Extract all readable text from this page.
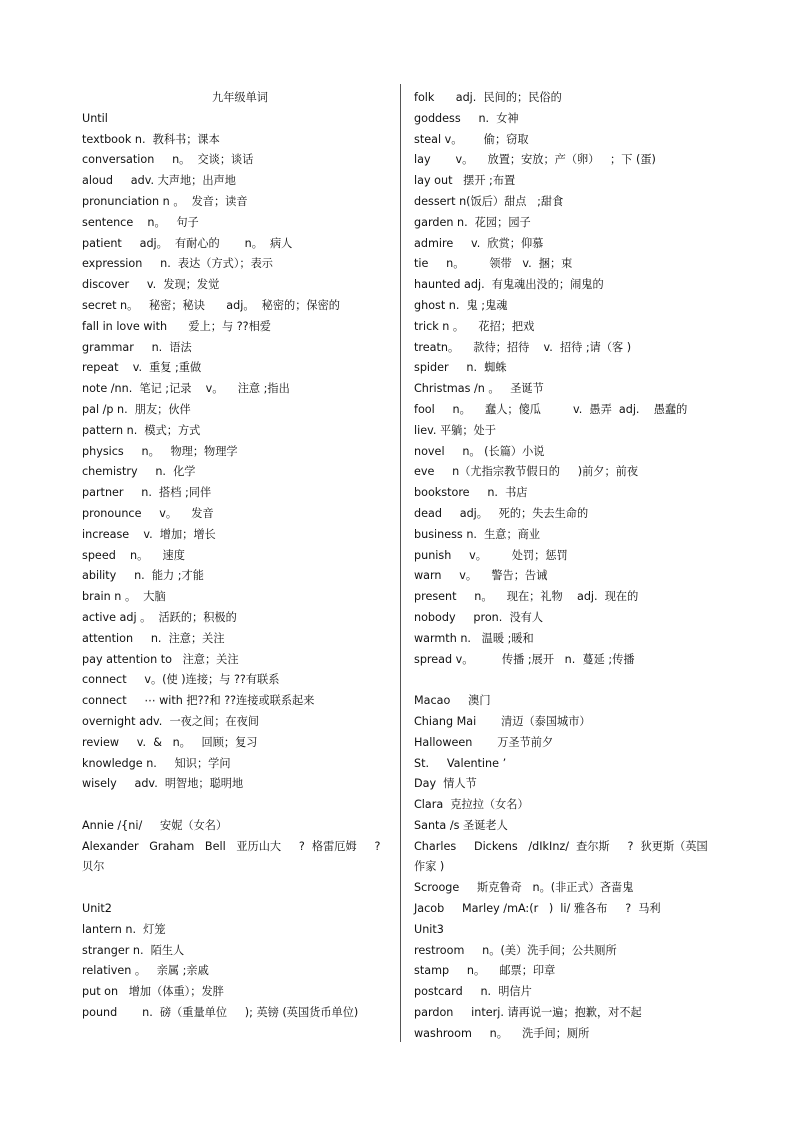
九年级单词
Until
textbook n.  教科书；课本
conversation     n。  交谈；谈话
aloud     adv. 大声地；出声地
pronunciation n 。  发音；读音
sentence    n。   句子
patient     adj。  有耐心的       n。  病人
expression     n.  表达（方式）；表示
discover     v.  发现；发觉
secret n。   秘密；秘诀      adj。  秘密的；保密的
fall in love with      爱上；与 ??相爱
grammar     n.  语法
repeat    v.  重复 ;重做
note /nn.  笔记 ;记录    v。    注意 ;指出
pal /p n.  朋友；伙伴
pattern n.  模式；方式
physics     n。   物理；物理学
chemistry     n.  化学
partner     n.  搭档 ;同伴
pronounce     v。    发音
increase    v.  增加；增长
speed    n。    速度
ability     n.  能力 ;才能
brain n 。  大脑
active adj 。  活跃的；积极的
attention     n.  注意；关注
pay attention to   注意；关注
connect     v。(使 )连接；与 ??有联系
connect     ⋯ with 把??和 ??连接或联系起来
overnight adv.  一夜之间；在夜间
review     v.  &   n。   回顾；复习
knowledge n.     知识；学问
wisely     adv.  明智地；聪明地
Annie /{ni/     安妮（女名）
Alexander   Graham   Bell   亚历山大     ?  格雷厄姆     ?  贝尔
Unit2
lantern n.  灯笼
stranger n.  陌生人
relativen 。   亲属 ;亲戚
put on   增加（体重）；发胖
pound       n.  磅（重量单位     ); 英镑 (英国货币单位)
folk      adj.  民间的；民俗的
goddess     n.  女神
steal v。      偷；窃取
lay       v。    放置；安放；产（卵）   ；下 (蛋)
lay out   摆开 ;布置
dessert n(饭后）甜点   ;甜食
garden n.  花园；园子
admire     v.  欣赏；仰慕
tie     n。       领带   v.  捆；束
haunted adj.  有鬼魂出没的；闹鬼的
ghost n.  鬼 ;鬼魂
trick n 。    花招；把戏
treatn。    款待；招待    v.  招待 ;请（客 )
spider     n.  蜘蛛
Christmas /n 。   圣诞节
fool     n。    蠢人；傻瓜         v.  愚弄  adj.    愚蠢的
liev. 平躺；处于
novel     n。 (长篇）小说
eve     n（尤指宗教节假日的     )前夕；前夜
bookstore     n.  书店
dead     adj。   死的；失去生命的
business n.  生意；商业
punish     v。       处罚；惩罚
warn     v。    警告；告诫
present     n。    现在；礼物    adj.  现在的
nobody     pron.  没有人
warmth n.   温暖 ;暖和
spread v。        传播 ;展开   n.  蔓延 ;传播
Macao     澳门
Chiang Mai       清迈（泰国城市）
Halloween       万圣节前夕
St.     Valentine ’
Day  情人节
Clara  克拉拉（女名）
Santa /s 圣诞老人
Charles     Dickens   /dIkInz/  查尔斯     ?  狄更斯（英国作家 )
Scrooge     斯克鲁奇   n。(非正式）吝啬鬼
Jacob     Marley /mA:(r   )  li/ 雅各布     ?  马利
Unit3
restroom     n。(美）洗手间；公共厕所
stamp     n。    邮票；印章
postcard     n.  明信片
pardon     interj. 请再说一遍；抱歉，对不起
washroom     n。    洗手间；厕所
